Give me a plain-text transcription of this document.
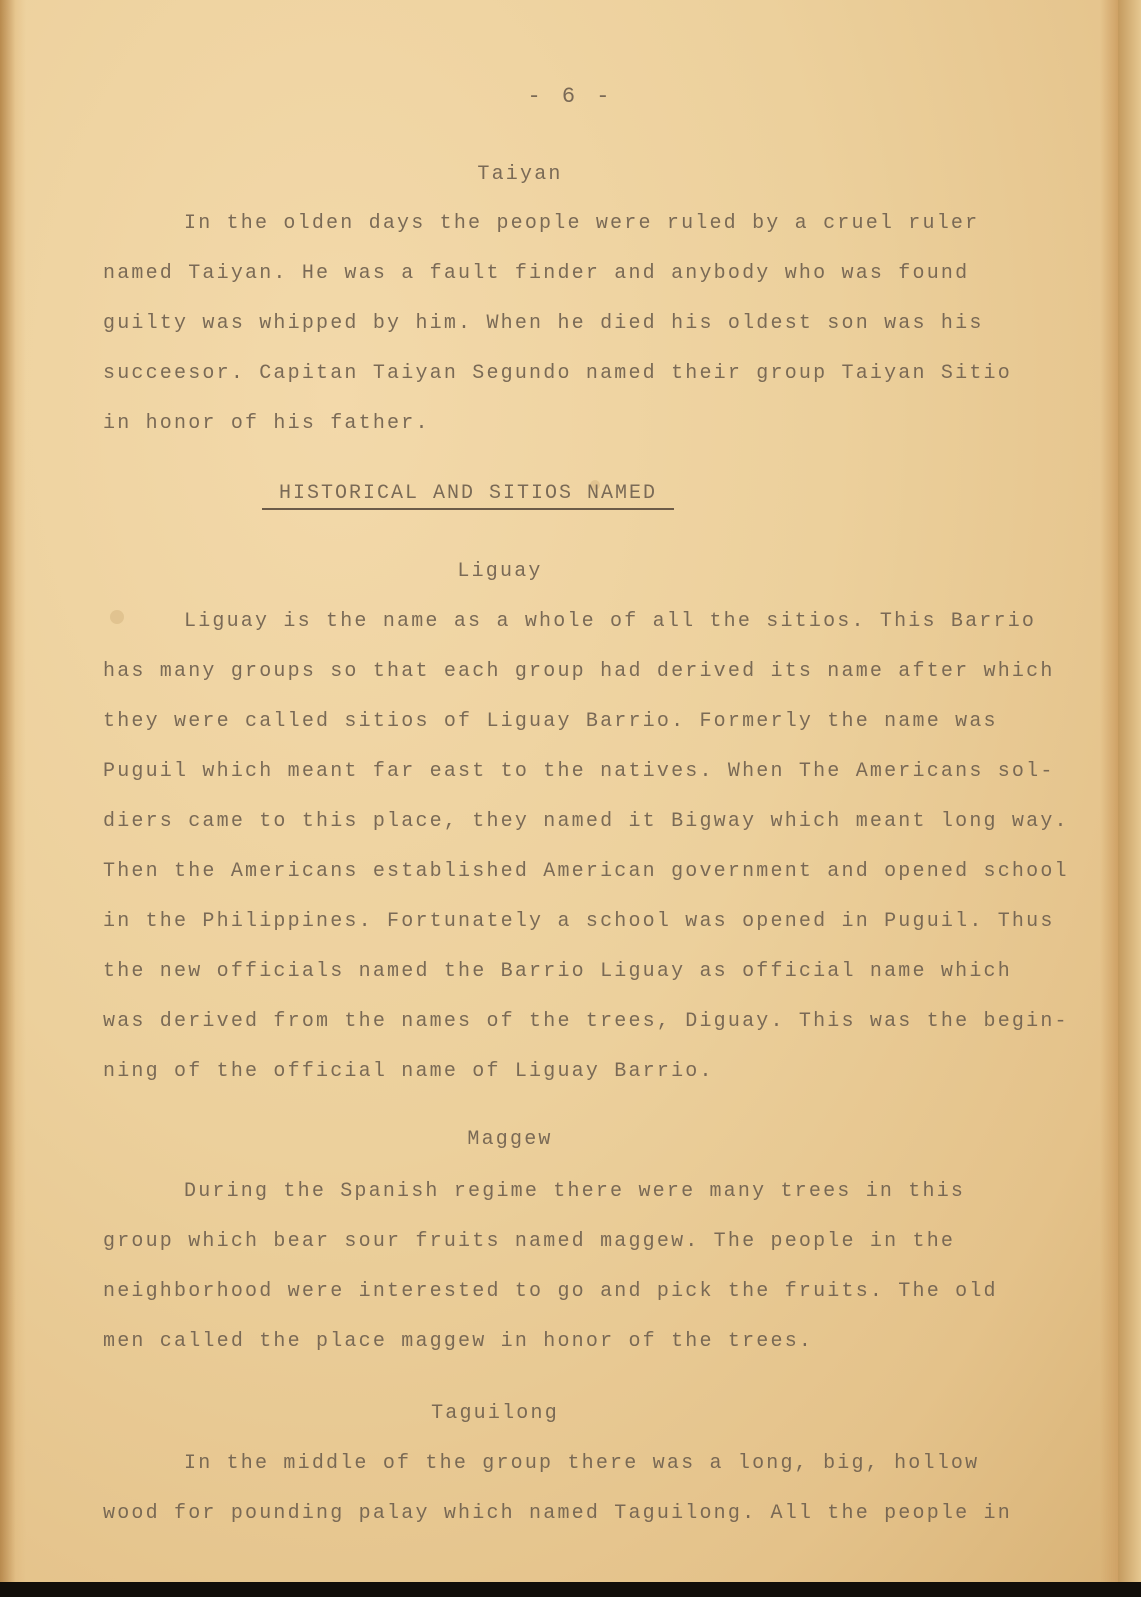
- 6 -
Taiyan
In the olden days the people were ruled by a cruel ruler
named Taiyan. He was a fault finder and anybody who was found
guilty was whipped by him. When he died his oldest son was his
succeesor. Capitan Taiyan Segundo named their group Taiyan Sitio
in honor of his father.
HISTORICAL AND SITIOS NAMED
Liguay
Liguay is the name as a whole of all the sitios. This Barrio
has many groups so that each group had derived its name after which
they were called sitios of Liguay Barrio. Formerly the name was
Puguil which meant far east to the natives. When The Americans sol-
diers came to this place, they named it Bigway which meant long way.
Then the Americans established American government and opened school
in the Philippines. Fortunately a school was opened in Puguil. Thus
the new officials named the Barrio Liguay as official name which
was derived from the names of the trees, Diguay. This was the begin-
ning of the official name of Liguay Barrio.
Maggew
During the Spanish regime there were many trees in this
group which bear sour fruits named maggew. The people in the
neighborhood were interested to go and pick the fruits. The old
men called the place maggew in honor of the trees.
Taguilong
In the middle of the group there was a long, big, hollow
wood for pounding palay which named Taguilong. All the people in
